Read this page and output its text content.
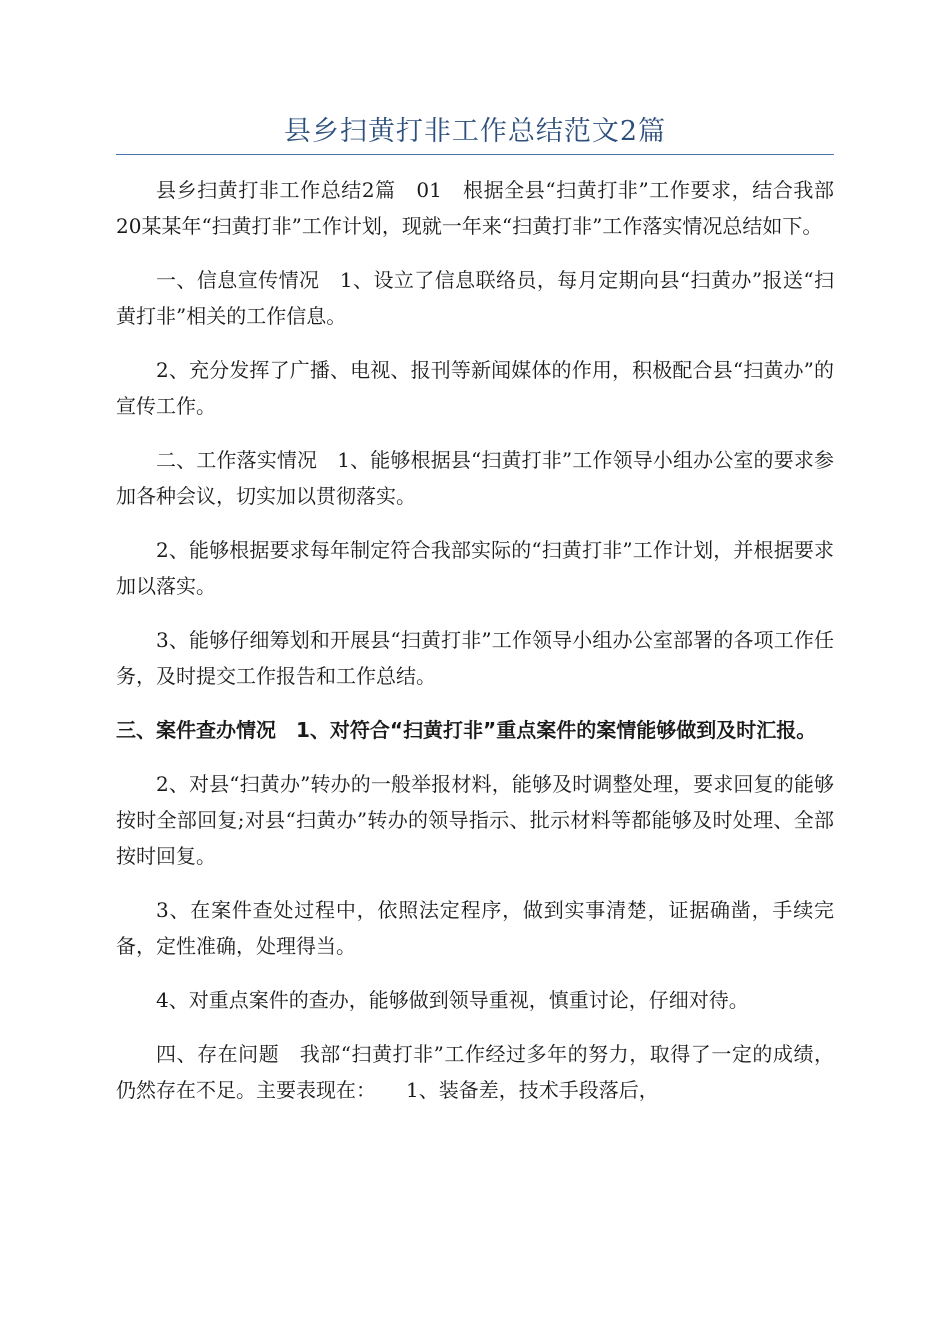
县乡扫黄打非工作总结范文2篇

县乡扫黄打非工作总结2篇　01　根据全县“扫黄打非”工作要求，结合我部20某某年“扫黄打非”工作计划，现就一年来“扫黄打非”工作落实情况总结如下。

一、信息宣传情况　1、设立了信息联络员，每月定期向县“扫黄办”报送“扫黄打非”相关的工作信息。

2、充分发挥了广播、电视、报刊等新闻媒体的作用，积极配合县“扫黄办”的宣传工作。

二、工作落实情况　1、能够根据县“扫黄打非”工作领导小组办公室的要求参加各种会议，切实加以贯彻落实。

2、能够根据要求每年制定符合我部实际的“扫黄打非”工作计划，并根据要求加以落实。

3、能够仔细筹划和开展县“扫黄打非”工作领导小组办公室部署的各项工作任务，及时提交工作报告和工作总结。

三、案件查办情况　1、对符合“扫黄打非”重点案件的案情能够做到及时汇报。

2、对县“扫黄办”转办的一般举报材料，能够及时调整处理，要求回复的能够按时全部回复;对县“扫黄办”转办的领导指示、批示材料等都能够及时处理、全部按时回复。

3、在案件查处过程中，依照法定程序，做到实事清楚，证据确凿，手续完备，定性准确，处理得当。

4、对重点案件的查办，能够做到领导重视，慎重讨论，仔细对待。

四、存在问题　我部“扫黄打非”工作经过多年的努力，取得了一定的成绩，仍然存在不足。主要表现在：　　1、装备差，技术手段落后，
